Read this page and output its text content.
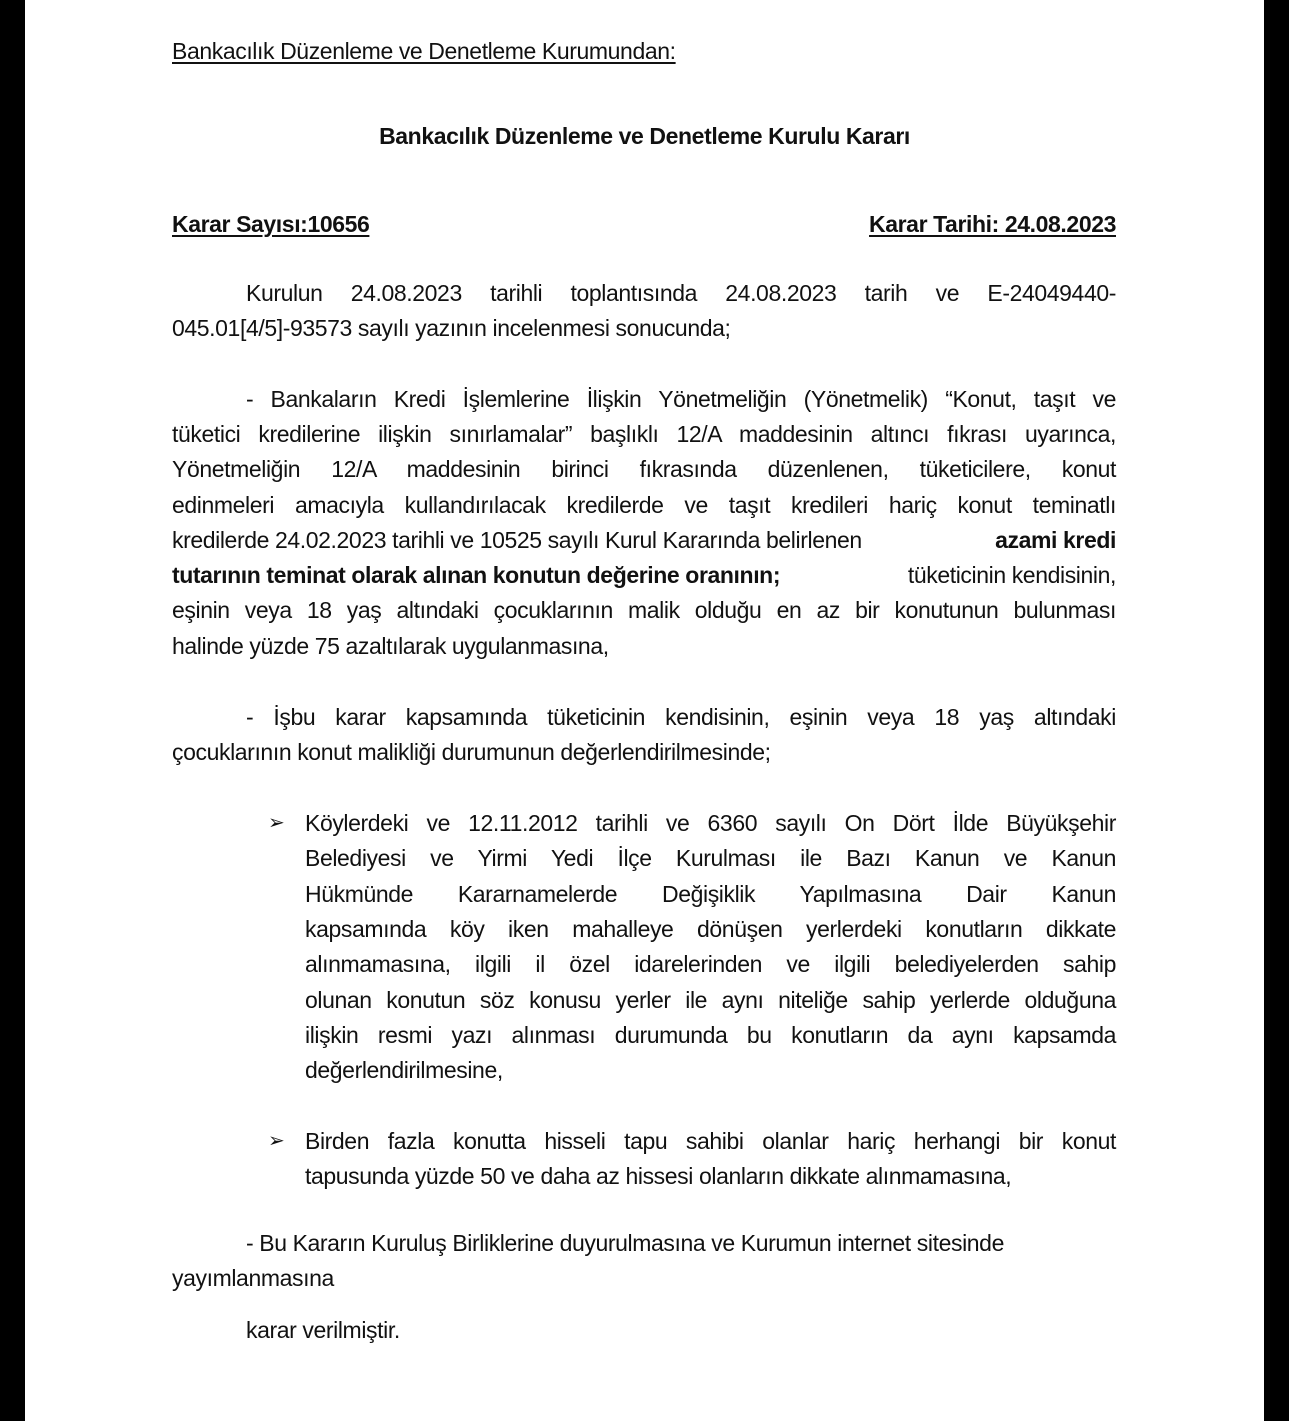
Bankacılık Düzenleme ve Denetleme Kurumundan:
Bankacılık Düzenleme ve Denetleme Kurulu Kararı
Karar Sayısı:10656	Karar Tarihi: 24.08.2023
Kurulun 24.08.2023 tarihli toplantısında 24.08.2023 tarih ve E-24049440-
045.01[4/5]-93573 sayılı yazının incelenmesi sonucunda;
- Bankaların Kredi İşlemlerine İlişkin Yönetmeliğin (Yönetmelik) “Konut, taşıt ve
tüketici kredilerine ilişkin sınırlamalar” başlıklı 12/A maddesinin altıncı fıkrası uyarınca,
Yönetmeliğin 12/A maddesinin birinci fıkrasında düzenlenen, tüketicilere, konut
edinmeleri amacıyla kullandırılacak kredilerde ve taşıt kredileri hariç konut teminatlı
kredilerde 24.02.2023 tarihli ve 10525 sayılı Kurul Kararında belirlenen	azami kredi
tutarının teminat olarak alınan konutun değerine oranının;	tüketicinin kendisinin,
eşinin veya 18 yaş altındaki çocuklarının malik olduğu en az bir konutunun bulunması
halinde yüzde 75 azaltılarak uygulanmasına,
- İşbu karar kapsamında tüketicinin kendisinin, eşinin veya 18 yaş altındaki
çocuklarının konut malikliği durumunun değerlendirilmesinde;
➢ Köylerdeki ve 12.11.2012 tarihli ve 6360 sayılı On Dört İlde Büyükşehir
Belediyesi ve Yirmi Yedi İlçe Kurulması ile Bazı Kanun ve Kanun
Hükmünde Kararnamelerde Değişiklik Yapılmasına Dair Kanun
kapsamında köy iken mahalleye dönüşen yerlerdeki konutların dikkate
alınmamasına, ilgili il özel idarelerinden ve ilgili belediyelerden sahip
olunan konutun söz konusu yerler ile aynı niteliğe sahip yerlerde olduğuna
ilişkin resmi yazı alınması durumunda bu konutların da aynı kapsamda
değerlendirilmesine,
➢ Birden fazla konutta hisseli tapu sahibi olanlar hariç herhangi bir konut
tapusunda yüzde 50 ve daha az hissesi olanların dikkate alınmamasına,
- Bu Kararın Kuruluş Birliklerine duyurulmasına ve Kurumun internet sitesinde
yayımlanmasına
karar verilmiştir.
